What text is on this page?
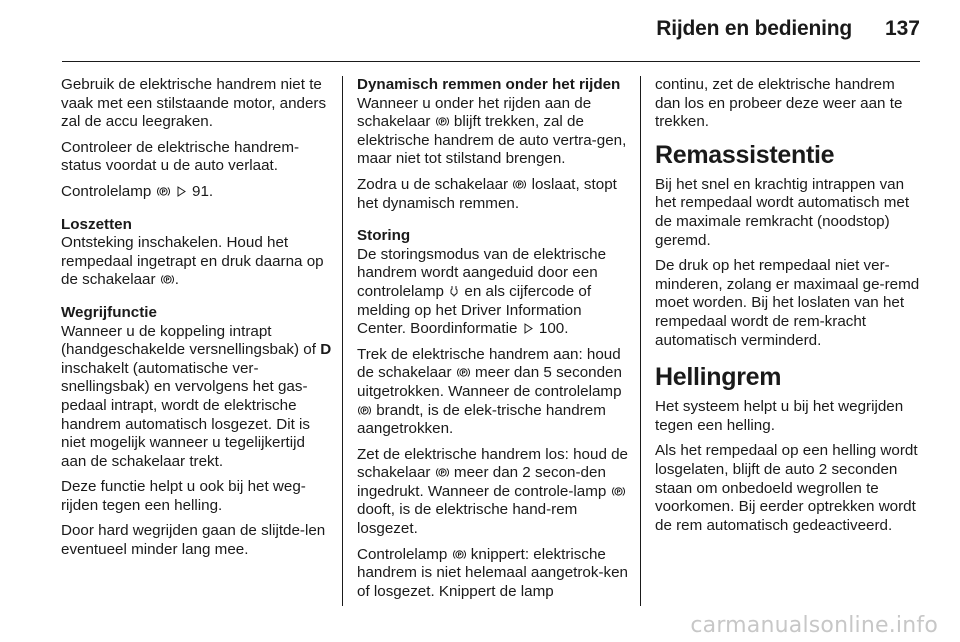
Rijden en bediening 137

Gebruik de elektrische handrem niet te vaak met een stilstaande motor, anders zal de accu leegraken.

Controleer de elektrische handrem-status voordat u de auto verlaat.

Controlelamp P 91.

Loszetten
Ontsteking inschakelen. Houd het rempedaal ingetrapt en druk daarna op de schakelaar P .

Wegrijfunctie
Wanneer u de koppeling intrapt (handgeschakelde versnellingsbak) of D inschakelt (automatische ver-snellingsbak) en vervolgens het gas-pedaal intrapt, wordt de elektrische handrem automatisch losgezet. Dit is niet mogelijk wanneer u tegelijkertijd aan de schakelaar trekt.

Deze functie helpt u ook bij het weg-rijden tegen een helling.

Door hard wegrijden gaan de slijtde-len eventueel minder lang mee.

Dynamisch remmen onder het rijden
Wanneer u onder het rijden aan de schakelaar P blijft trekken, zal de elektrische handrem de auto vertra-gen, maar niet tot stilstand brengen.

Zodra u de schakelaar P loslaat, stopt het dynamisch remmen.

Storing
De storingsmodus van de elektrische handrem wordt aangeduid door een controlelamp en als cijfercode of melding op het Driver Information Center. Boordinformatie 100.

Trek de elektrische handrem aan: houd de schakelaar P meer dan 5 seconden uitgetrokken. Wanneer de controlelamp
P brandt, is de elek-trische handrem aangetrokken.

Zet de elektrische handrem los: houd de schakelaar P meer dan 2 secon-den ingedrukt. Wanneer de controle-lamp P
dooft, is de elektrische hand-rem losgezet.

Controlelamp P knippert: elektrische handrem is niet helemaal aangetrok-ken of losgezet. Knippert de lamp

continu, zet de elektrische handrem dan los en probeer deze weer aan te trekken.

Remassistentie

Bij het snel en krachtig intrappen van het rempedaal wordt automatisch met de maximale remkracht (noodstop) geremd.

De druk op het rempedaal niet ver-minderen, zolang er maximaal ge-remd moet worden. Bij het loslaten van het rempedaal wordt de rem-kracht automatisch verminderd.

Hellingrem

Het systeem helpt u bij het wegrijden tegen een helling.

Als het rempedaal op een helling wordt losgelaten, blijft de auto 2 seconden staan om onbedoeld wegrollen te voorkomen. Bij eerder optrekken wordt de rem automatisch gedeactiveerd.

carmanualsonline.info
